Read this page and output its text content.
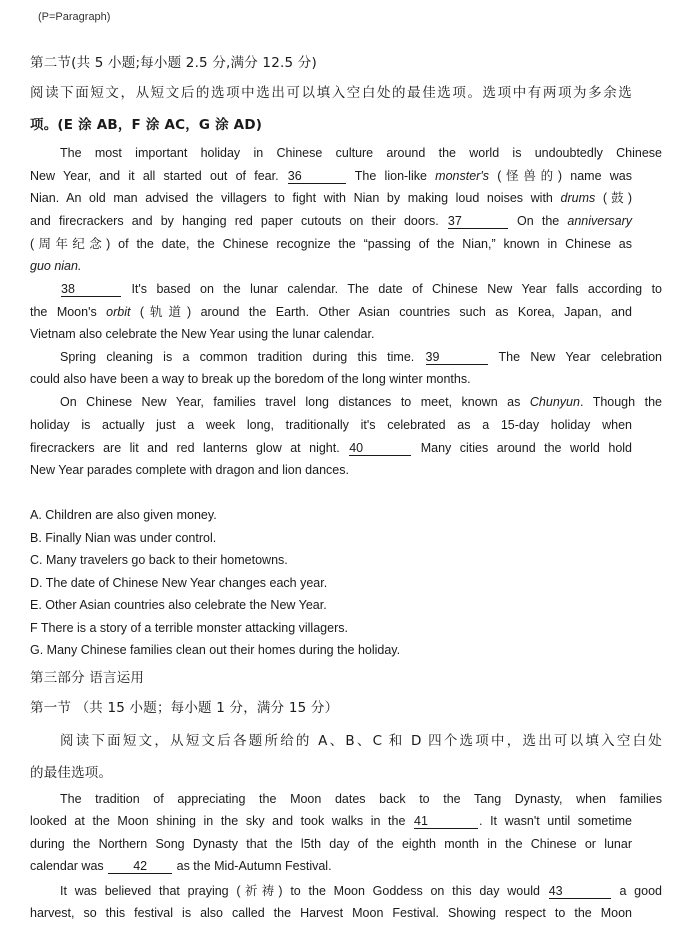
(P=Paragraph)
第二节(共 5 小题;每小题 2.5 分,满分 12.5 分)
阅读下面短文，从短文后的选项中选出可以填入空白处的最佳选项。选项中有两项为多余选
项。(E 涂 AB，F 涂 AC，G 涂 AD)
The most important holiday in Chinese culture around the world is undoubtedly Chinese
New Year, and it all started out of fear. 36	The lion-like monster's (怪兽的) name was
Nian. An old man advised the villagers to fight with Nian by making loud noises with drums (鼓)
and firecrackers and by hanging red paper cutouts on their doors. 37	On the anniversary
(周年纪念) of the date, the Chinese recognize the “passing of the Nian,” known in Chinese as
guo nian.
38	It's based on the lunar calendar. The date of Chinese New Year falls according to
the Moon's orbit (轨道) around the Earth. Other Asian countries such as Korea, Japan, and
Vietnam also celebrate the New Year using the lunar calendar.
Spring cleaning is a common tradition during this time. 39	The New Year celebration
could also have been a way to break up the boredom of the long winter months.
On Chinese New Year, families travel long distances to meet, known as Chunyun. Though the
holiday is actually just a week long, traditionally it's celebrated as a 15-day holiday when
firecrackers are lit and red lanterns glow at night. 40	Many cities around the world hold
New Year parades complete with dragon and lion dances.
A. Children are also given money.
B. Finally Nian was under control.
C. Many travelers go back to their hometowns.
D. The date of Chinese New Year changes each year.
E. Other Asian countries also celebrate the New Year.
F There is a story of a terrible monster attacking villagers.
G. Many Chinese families clean out their homes during the holiday.
第三部分 语言运用
第一节 （共 15 小题；每小题 1 分，满分 15 分）
阅读下面短文，从短文后各题所给的 A、B、C 和 D 四个选项中，选出可以填入空白处
的最佳选项。
The tradition of appreciating the Moon dates back to the Tang Dynasty, when families
looked at the Moon shining in the sky and took walks in the 41	. It wasn't until sometime
during the Northern Song Dynasty that the l5th day of the eighth month in the Chinese or lunar
calendar was 42 as the Mid-Autumn Festival.
It was believed that praying (祈祷) to the Moon Goddess on this day would 43	a good
harvest, so this festival is also called the Harvest Moon Festival. Showing respect to the Moon
